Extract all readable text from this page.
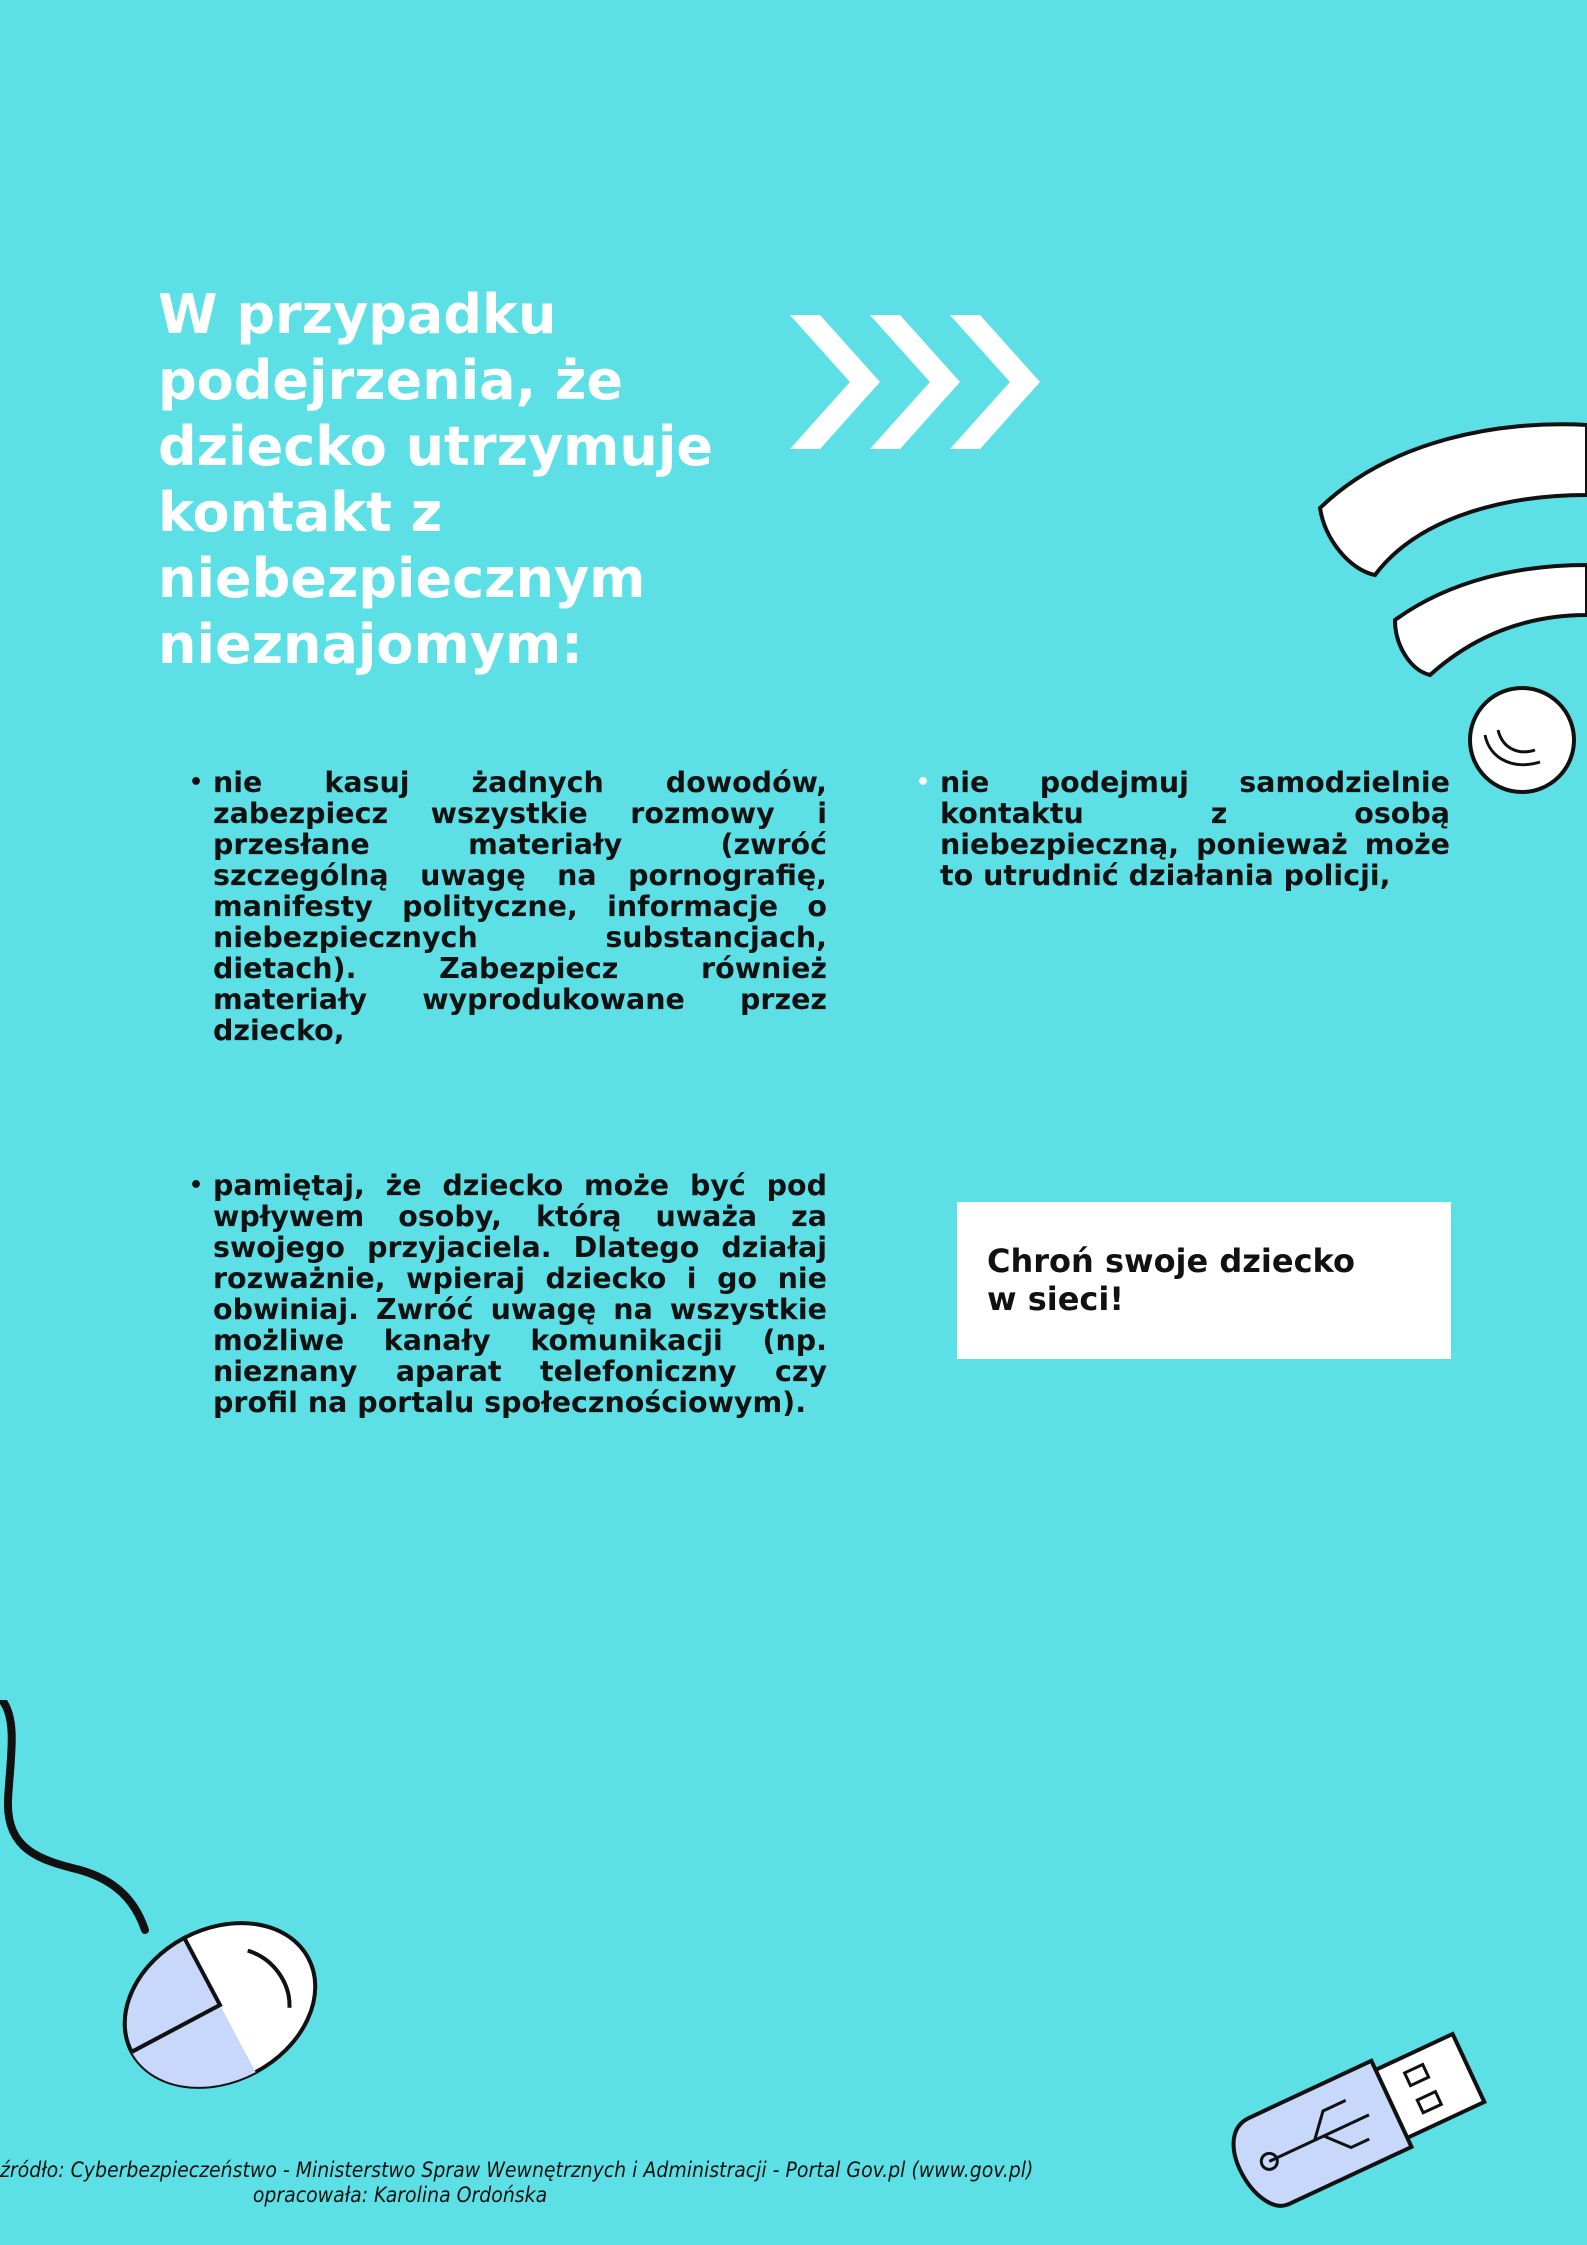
W przypadku
podejrzenia, że
dziecko utrzymuje
kontakt z
niebezpiecznym
nieznajomym:
• nie kasuj żadnych dowodów, zabezpiecz wszystkie rozmowy i przesłane materiały (zwróć szczególną uwagę na pornografię, manifesty polityczne, informacje o niebezpiecznych substancjach, dietach). Zabezpiecz również materiały wyprodukowane przez dziecko,
• nie podejmuj samodzielnie kontaktu z osobą niebezpieczną, ponieważ może to utrudnić działania policji,
• pamiętaj, że dziecko może być pod wpływem osoby, którą uważa za swojego przyjaciela. Dlatego działaj rozważnie, wpieraj dziecko i go nie obwiniaj. Zwróć uwagę na wszystkie możliwe kanały komunikacji (np. nieznany aparat telefoniczny czy profil na portalu społecznościowym).

Chroń swoje dziecko

w sieci!

źródło: Cyberbezpieczeństwo - Ministerstwo Spraw Wewnętrznych i Administracji - Portal Gov.pl (www.gov.pl)
opracowała: Karolina Ordońska
